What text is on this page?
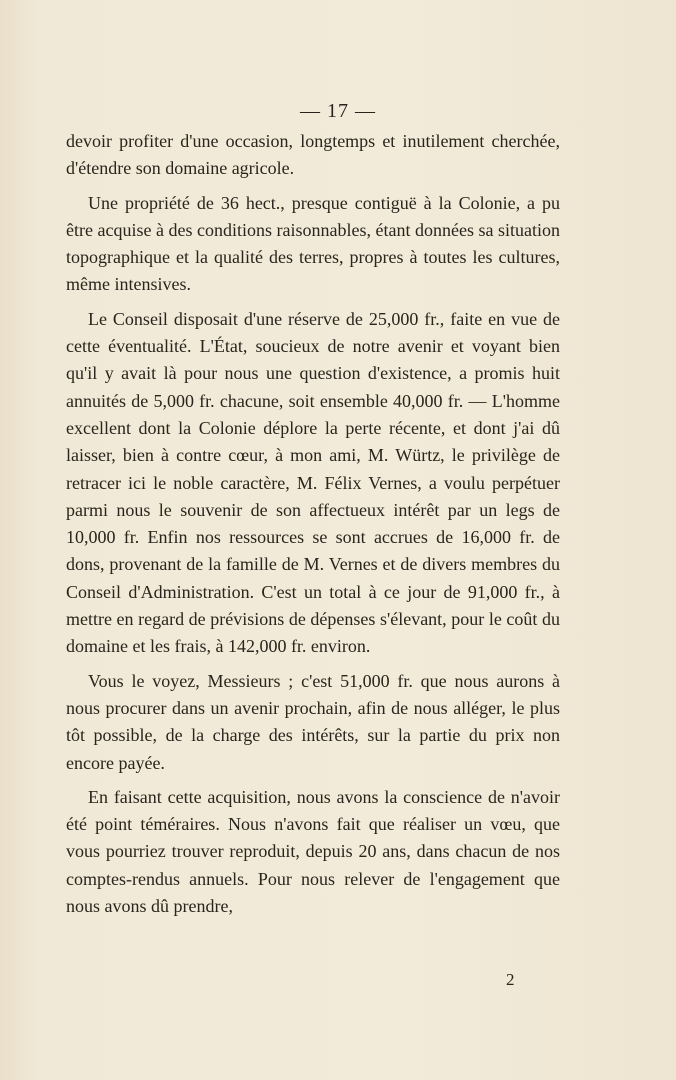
— 17 —

devoir profiter d'une occasion, longtemps et inutilement cherchée, d'étendre son domaine agricole.

Une propriété de 36 hect., presque contiguë à la Colonie, a pu être acquise à des conditions raisonnables, étant données sa situation topographique et la qualité des terres, propres à toutes les cultures, même intensives.

Le Conseil disposait d'une réserve de 25,000 fr., faite en vue de cette éventualité. L'État, soucieux de notre avenir et voyant bien qu'il y avait là pour nous une question d'existence, a promis huit annuités de 5,000 fr. chacune, soit ensemble 40,000 fr. — L'homme excellent dont la Colonie déplore la perte récente, et dont j'ai dû laisser, bien à contre cœur, à mon ami, M. Würtz, le privilège de retracer ici le noble caractère, M. Félix Vernes, a voulu perpétuer parmi nous le souvenir de son affectueux intérêt par un legs de 10,000 fr. Enfin nos ressources se sont accrues de 16,000 fr. de dons, provenant de la famille de M. Vernes et de divers membres du Conseil d'Administration. C'est un total à ce jour de 91,000 fr., à mettre en regard de prévisions de dépenses s'élevant, pour le coût du domaine et les frais, à 142,000 fr. environ.

Vous le voyez, Messieurs ; c'est 51,000 fr. que nous aurons à nous procurer dans un avenir prochain, afin de nous alléger, le plus tôt possible, de la charge des intérêts, sur la partie du prix non encore payée.

En faisant cette acquisition, nous avons la conscience de n'avoir été point téméraires. Nous n'avons fait que réaliser un vœu, que vous pourriez trouver reproduit, depuis 20 ans, dans chacun de nos comptes-rendus annuels. Pour nous relever de l'engagement que nous avons dû prendre,

2
